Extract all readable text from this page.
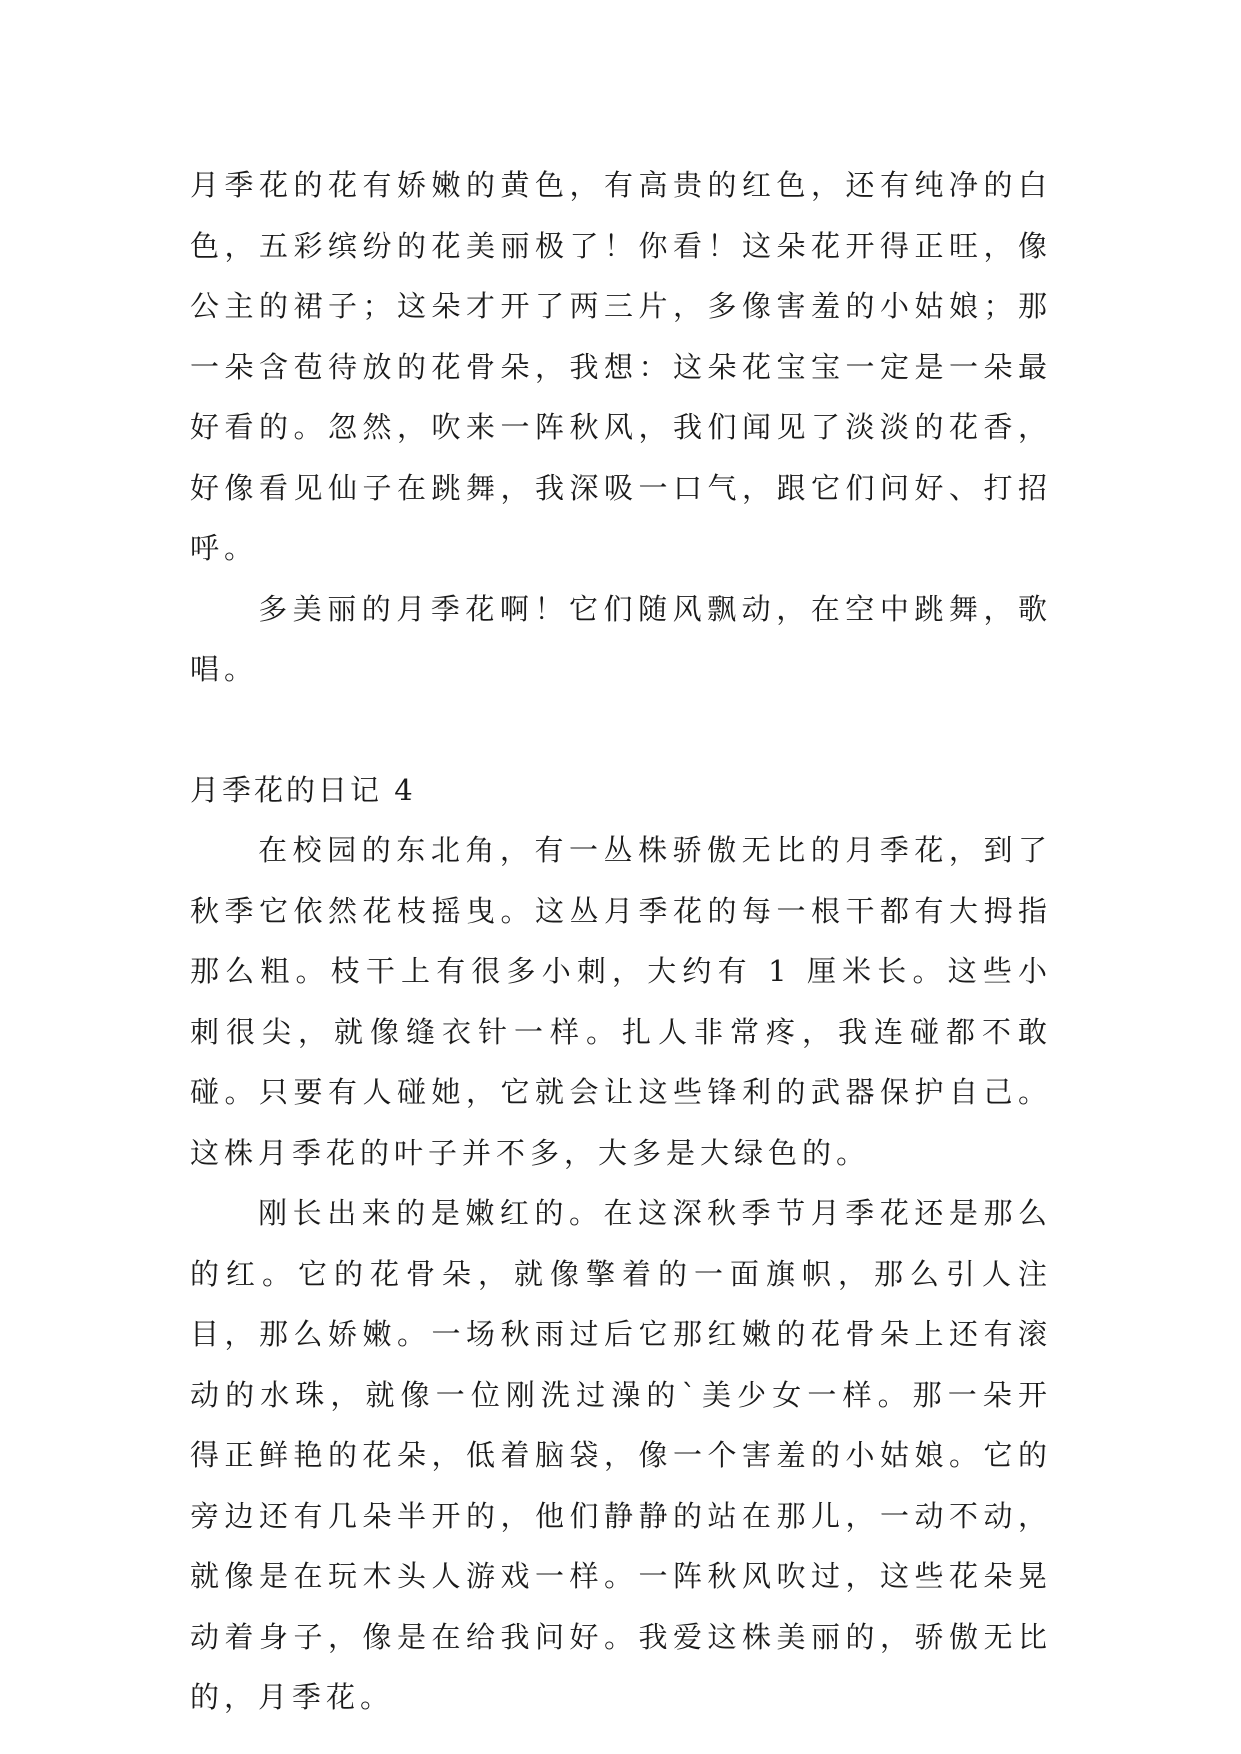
月季花的花有娇嫩的黄色，有高贵的红色，还有纯净的白色，五彩缤纷的花美丽极了！你看！这朵花开得正旺，像公主的裙子；这朵才开了两三片，多像害羞的小姑娘；那一朵含苞待放的花骨朵，我想：这朵花宝宝一定是一朵最好看的。忽然，吹来一阵秋风，我们闻见了淡淡的花香，好像看见仙子在跳舞，我深吸一口气，跟它们问好、打招呼。

多美丽的月季花啊！它们随风飘动，在空中跳舞，歌唱。

月季花的日记 4

在校园的东北角，有一丛株骄傲无比的月季花，到了秋季它依然花枝摇曳。这丛月季花的每一根干都有大拇指那么粗。枝干上有很多小刺，大约有 1 厘米长。这些小刺很尖，就像缝衣针一样。扎人非常疼，我连碰都不敢碰。只要有人碰她，它就会让这些锋利的武器保护自己。这株月季花的叶子并不多，大多是大绿色的。

刚长出来的是嫩红的。在这深秋季节月季花还是那么的红。它的花骨朵，就像擎着的一面旗帜，那么引人注目，那么娇嫩。一场秋雨过后它那红嫩的花骨朵上还有滚动的水珠，就像一位刚洗过澡的`美少女一样。那一朵开得正鲜艳的花朵，低着脑袋，像一个害羞的小姑娘。它的旁边还有几朵半开的，他们静静的站在那儿，一动不动，就像是在玩木头人游戏一样。一阵秋风吹过，这些花朵晃动着身子，像是在给我问好。我爱这株美丽的，骄傲无比的，月季花。
